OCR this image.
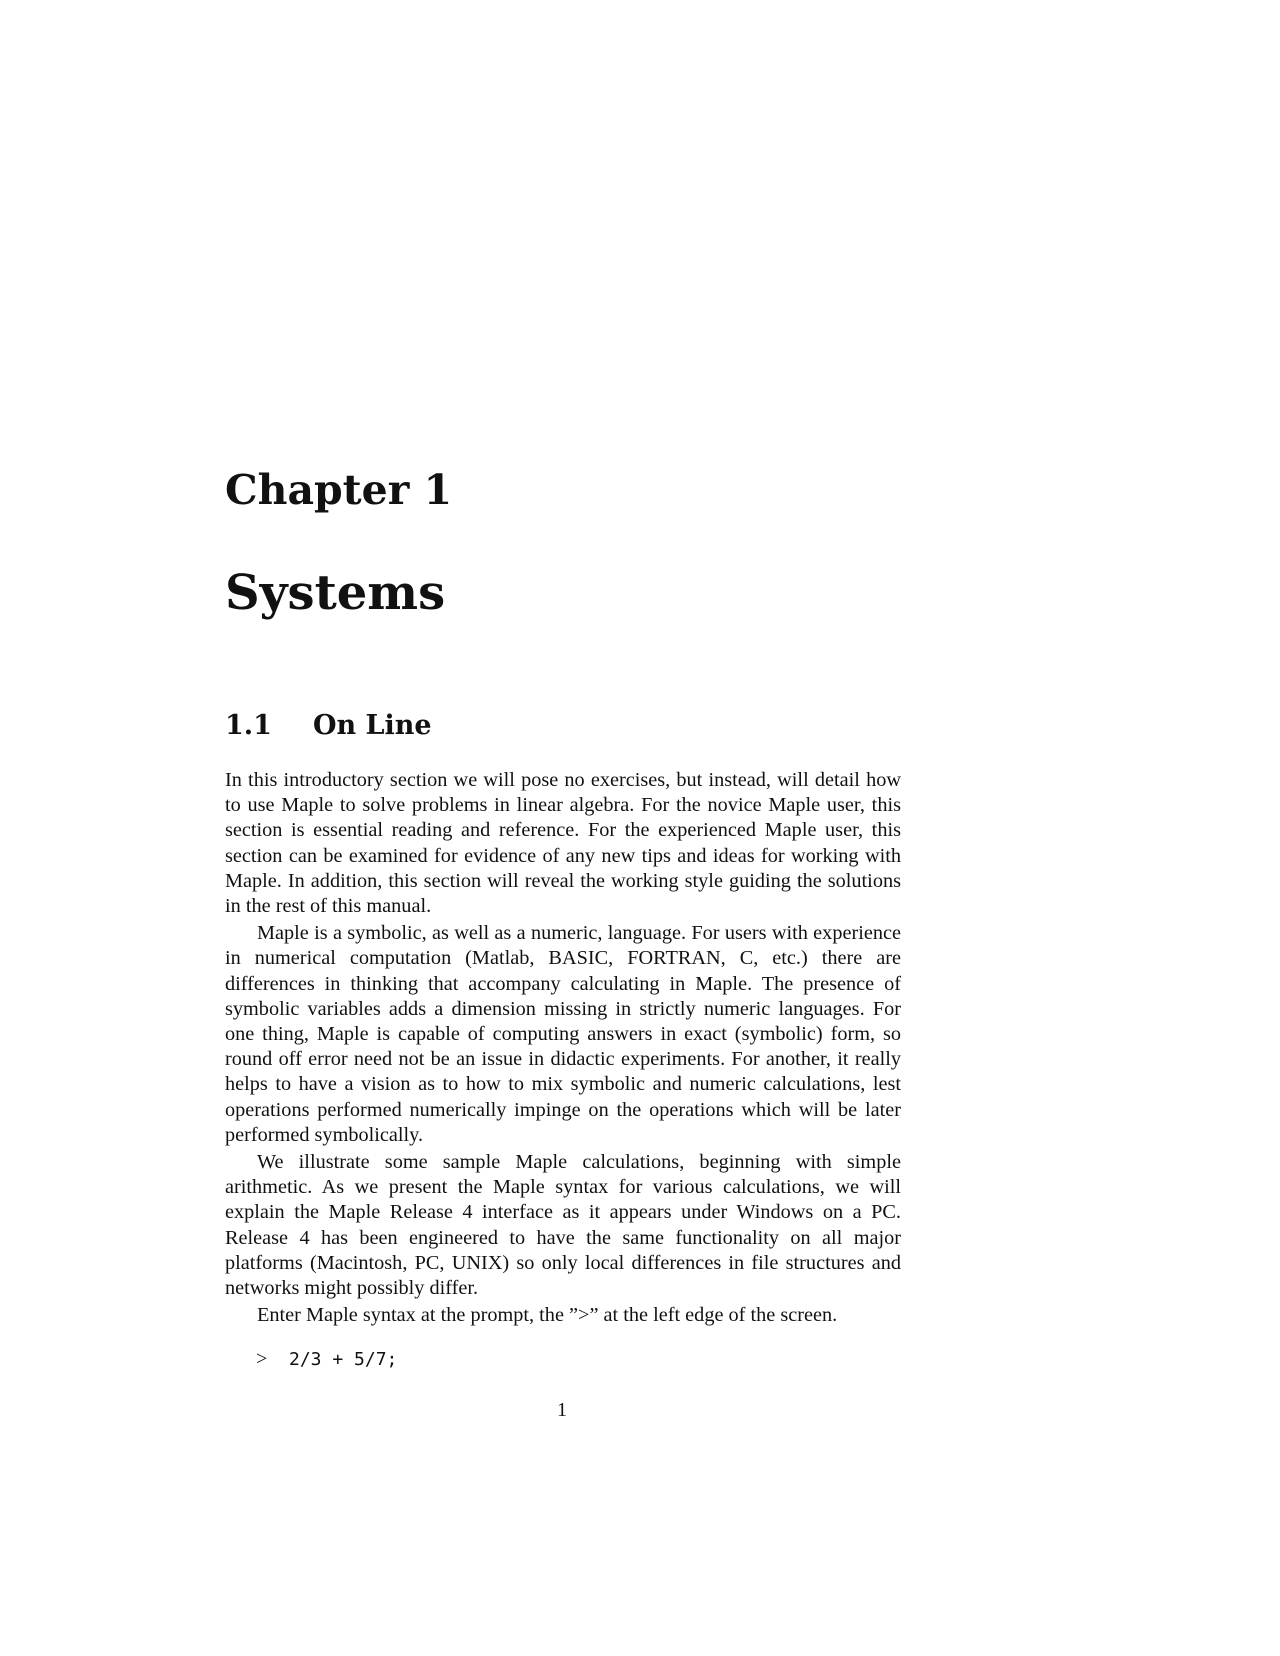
Chapter 1
Systems
1.1 On Line

In this introductory section we will pose no exercises, but instead, will detail how to use Maple to solve problems in linear algebra. For the novice Maple user, this section is essential reading and reference. For the experienced Maple user, this section can be examined for evidence of any new tips and ideas for working with Maple. In addition, this section will reveal the working style guiding the solutions in the rest of this manual.

Maple is a symbolic, as well as a numeric, language. For users with experience in numerical computation (Matlab, BASIC, FORTRAN, C, etc.) there are differences in thinking that accompany calculating in Maple. The presence of symbolic variables adds a dimension missing in strictly numeric languages. For one thing, Maple is capable of computing answers in exact (symbolic) form, so round off error need not be an issue in didactic experiments. For another, it really helps to have a vision as to how to mix symbolic and numeric calculations, lest operations performed numerically impinge on the operations which will be later performed symbolically.

We illustrate some sample Maple calculations, beginning with simple arithmetic. As we present the Maple syntax for various calculations, we will explain the Maple Release 4 interface as it appears under Windows on a PC. Release 4 has been engineered to have the same functionality on all major platforms (Macintosh, PC, UNIX) so only local differences in file structures and networks might possibly differ.

Enter Maple syntax at the prompt, the ”>” at the left edge of the screen.

> 2/3 + 5/7;
1
